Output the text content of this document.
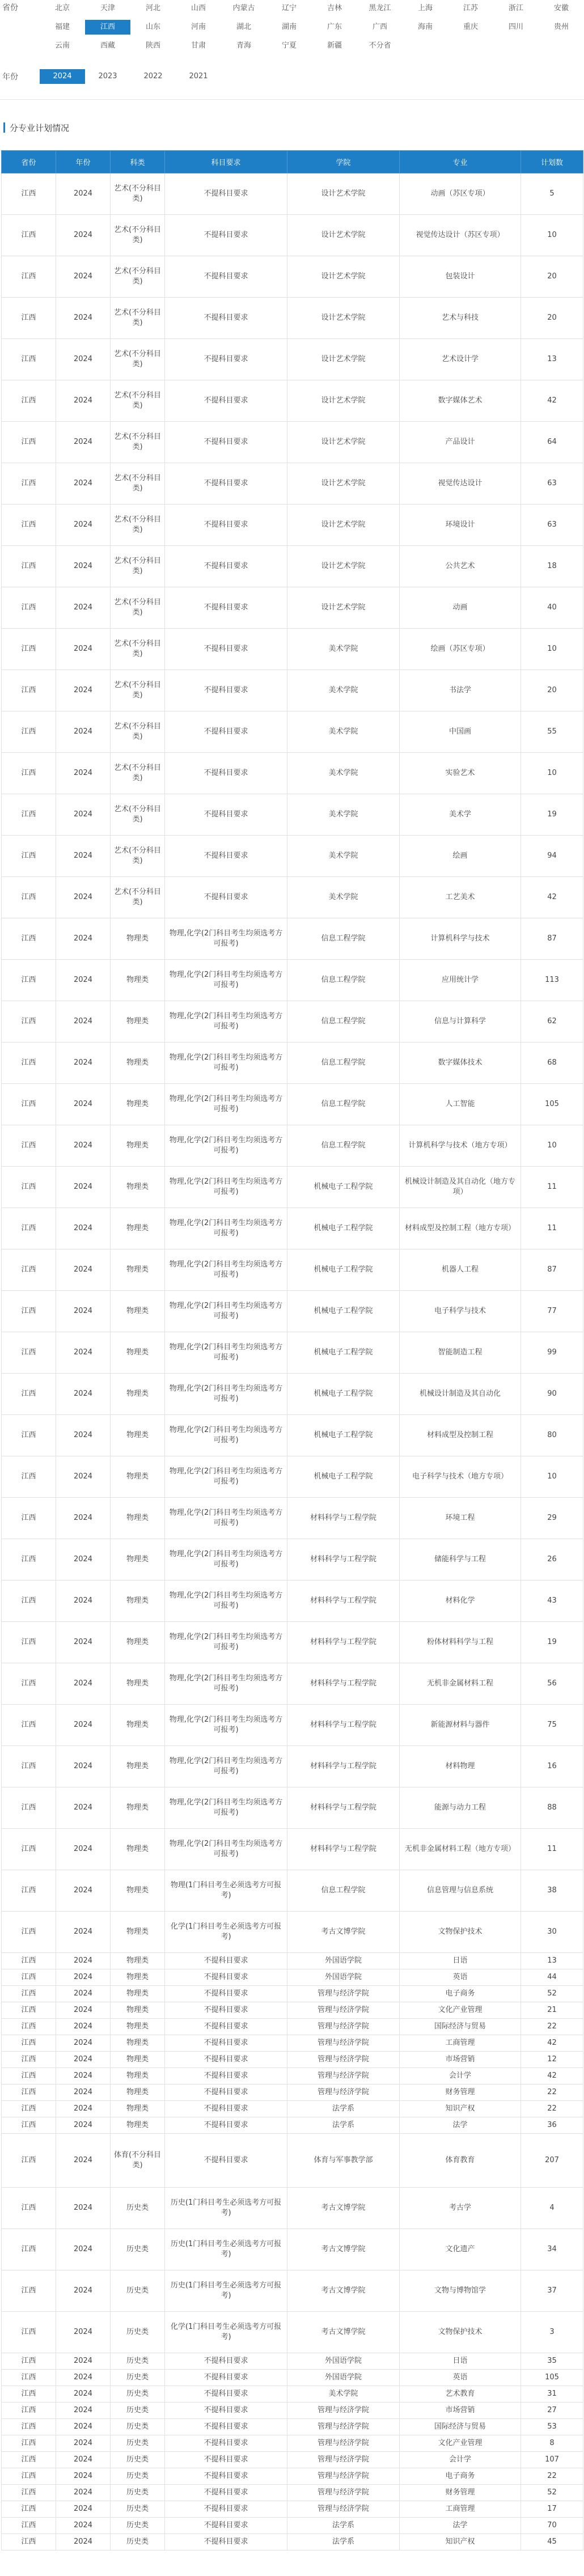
省份	北京	天津	河北	山西	内蒙古	辽宁	吉林	黑龙江	上海	江苏	浙江	安徽
福建	江西	山东	河南	湖北	湖南	广东	广西	海南	重庆	四川	贵州
云南	西藏	陕西	甘肃	青海	宁夏	新疆	不分省
年份	2024	2023	2022	2021
分专业计划情况
省份	年份	科类	科目要求	学院	专业	计划数
江西	2024	艺术(不分科目类)	不提科目要求	设计艺术学院	动画（苏区专项）	5
江西	2024	艺术(不分科目类)	不提科目要求	设计艺术学院	视觉传达设计（苏区专项）	10
江西	2024	艺术(不分科目类)	不提科目要求	设计艺术学院	包装设计	20
江西	2024	艺术(不分科目类)	不提科目要求	设计艺术学院	艺术与科技	20
江西	2024	艺术(不分科目类)	不提科目要求	设计艺术学院	艺术设计学	13
江西	2024	艺术(不分科目类)	不提科目要求	设计艺术学院	数字媒体艺术	42
江西	2024	艺术(不分科目类)	不提科目要求	设计艺术学院	产品设计	64
江西	2024	艺术(不分科目类)	不提科目要求	设计艺术学院	视觉传达设计	63
江西	2024	艺术(不分科目类)	不提科目要求	设计艺术学院	环境设计	63
江西	2024	艺术(不分科目类)	不提科目要求	设计艺术学院	公共艺术	18
江西	2024	艺术(不分科目类)	不提科目要求	设计艺术学院	动画	40
江西	2024	艺术(不分科目类)	不提科目要求	美术学院	绘画（苏区专项）	10
江西	2024	艺术(不分科目类)	不提科目要求	美术学院	书法学	20
江西	2024	艺术(不分科目类)	不提科目要求	美术学院	中国画	55
江西	2024	艺术(不分科目类)	不提科目要求	美术学院	实验艺术	10
江西	2024	艺术(不分科目类)	不提科目要求	美术学院	美术学	19
江西	2024	艺术(不分科目类)	不提科目要求	美术学院	绘画	94
江西	2024	艺术(不分科目类)	不提科目要求	美术学院	工艺美术	42
江西	2024	物理类	物理,化学(2门科目考生均须选考方可报考)	信息工程学院	计算机科学与技术	87
江西	2024	物理类	物理,化学(2门科目考生均须选考方可报考)	信息工程学院	应用统计学	113
江西	2024	物理类	物理,化学(2门科目考生均须选考方可报考)	信息工程学院	信息与计算科学	62
江西	2024	物理类	物理,化学(2门科目考生均须选考方可报考)	信息工程学院	数字媒体技术	68
江西	2024	物理类	物理,化学(2门科目考生均须选考方可报考)	信息工程学院	人工智能	105
江西	2024	物理类	物理,化学(2门科目考生均须选考方可报考)	信息工程学院	计算机科学与技术（地方专项）	10
江西	2024	物理类	物理,化学(2门科目考生均须选考方可报考)	机械电子工程学院	机械设计制造及其自动化（地方专项）	11
江西	2024	物理类	物理,化学(2门科目考生均须选考方可报考)	机械电子工程学院	材料成型及控制工程（地方专项）	11
江西	2024	物理类	物理,化学(2门科目考生均须选考方可报考)	机械电子工程学院	机器人工程	87
江西	2024	物理类	物理,化学(2门科目考生均须选考方可报考)	机械电子工程学院	电子科学与技术	77
江西	2024	物理类	物理,化学(2门科目考生均须选考方可报考)	机械电子工程学院	智能制造工程	99
江西	2024	物理类	物理,化学(2门科目考生均须选考方可报考)	机械电子工程学院	机械设计制造及其自动化	90
江西	2024	物理类	物理,化学(2门科目考生均须选考方可报考)	机械电子工程学院	材料成型及控制工程	80
江西	2024	物理类	物理,化学(2门科目考生均须选考方可报考)	机械电子工程学院	电子科学与技术（地方专项）	10
江西	2024	物理类	物理,化学(2门科目考生均须选考方可报考)	材料科学与工程学院	环境工程	29
江西	2024	物理类	物理,化学(2门科目考生均须选考方可报考)	材料科学与工程学院	储能科学与工程	26
江西	2024	物理类	物理,化学(2门科目考生均须选考方可报考)	材料科学与工程学院	材料化学	43
江西	2024	物理类	物理,化学(2门科目考生均须选考方可报考)	材料科学与工程学院	粉体材料科学与工程	19
江西	2024	物理类	物理,化学(2门科目考生均须选考方可报考)	材料科学与工程学院	无机非金属材料工程	56
江西	2024	物理类	物理,化学(2门科目考生均须选考方可报考)	材料科学与工程学院	新能源材料与器件	75
江西	2024	物理类	物理,化学(2门科目考生均须选考方可报考)	材料科学与工程学院	材料物理	16
江西	2024	物理类	物理,化学(2门科目考生均须选考方可报考)	材料科学与工程学院	能源与动力工程	88
江西	2024	物理类	物理,化学(2门科目考生均须选考方可报考)	材料科学与工程学院	无机非金属材料工程（地方专项）	11
江西	2024	物理类	物理(1门科目考生必须选考方可报考)	信息工程学院	信息管理与信息系统	38
江西	2024	物理类	化学(1门科目考生必须选考方可报考)	考古文博学院	文物保护技术	30
江西	2024	物理类	不提科目要求	外国语学院	日语	13
江西	2024	物理类	不提科目要求	外国语学院	英语	44
江西	2024	物理类	不提科目要求	管理与经济学院	电子商务	52
江西	2024	物理类	不提科目要求	管理与经济学院	文化产业管理	21
江西	2024	物理类	不提科目要求	管理与经济学院	国际经济与贸易	22
江西	2024	物理类	不提科目要求	管理与经济学院	工商管理	42
江西	2024	物理类	不提科目要求	管理与经济学院	市场营销	12
江西	2024	物理类	不提科目要求	管理与经济学院	会计学	42
江西	2024	物理类	不提科目要求	管理与经济学院	财务管理	22
江西	2024	物理类	不提科目要求	法学系	知识产权	22
江西	2024	物理类	不提科目要求	法学系	法学	36
江西	2024	体育(不分科目类)	不提科目要求	体育与军事教学部	体育教育	207
江西	2024	历史类	历史(1门科目考生必须选考方可报考)	考古文博学院	考古学	4
江西	2024	历史类	历史(1门科目考生必须选考方可报考)	考古文博学院	文化遗产	34
江西	2024	历史类	历史(1门科目考生必须选考方可报考)	考古文博学院	文物与博物馆学	37
江西	2024	历史类	化学(1门科目考生必须选考方可报考)	考古文博学院	文物保护技术	3
江西	2024	历史类	不提科目要求	外国语学院	日语	35
江西	2024	历史类	不提科目要求	外国语学院	英语	105
江西	2024	历史类	不提科目要求	美术学院	艺术教育	31
江西	2024	历史类	不提科目要求	管理与经济学院	市场营销	27
江西	2024	历史类	不提科目要求	管理与经济学院	国际经济与贸易	53
江西	2024	历史类	不提科目要求	管理与经济学院	文化产业管理	8
江西	2024	历史类	不提科目要求	管理与经济学院	会计学	107
江西	2024	历史类	不提科目要求	管理与经济学院	电子商务	22
江西	2024	历史类	不提科目要求	管理与经济学院	财务管理	52
江西	2024	历史类	不提科目要求	管理与经济学院	工商管理	17
江西	2024	历史类	不提科目要求	法学系	法学	70
江西	2024	历史类	不提科目要求	法学系	知识产权	45
